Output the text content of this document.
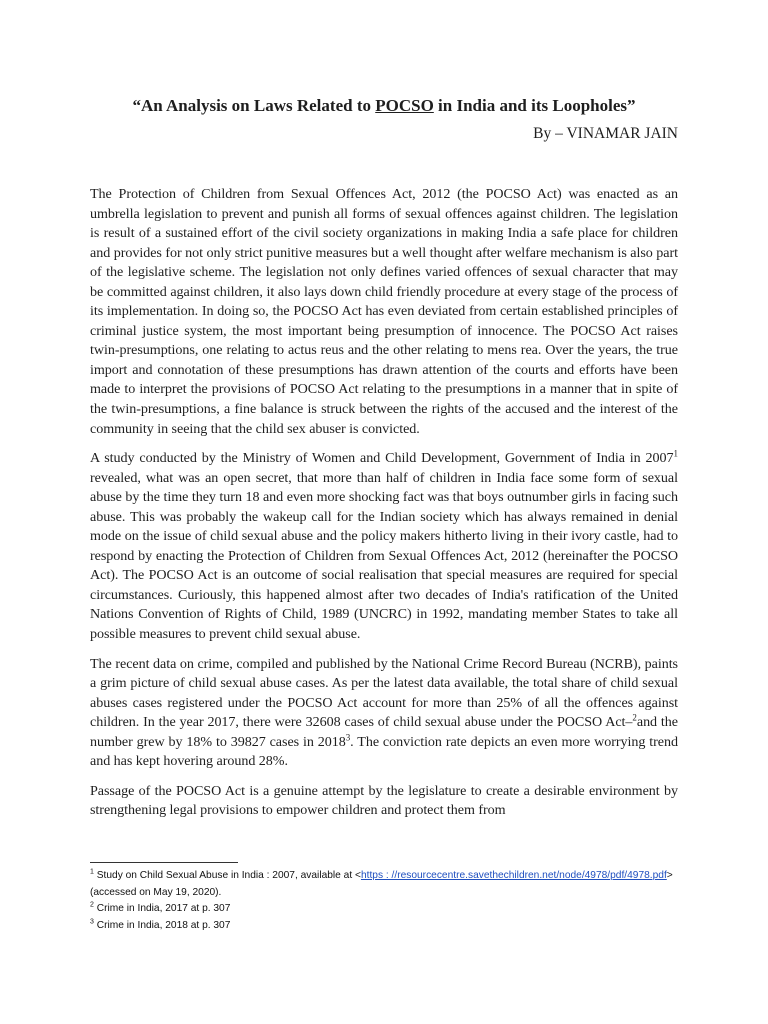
“An Analysis on Laws Related to POCSO in India and its Loopholes”
By – VINAMAR JAIN

The Protection of Children from Sexual Offences Act, 2012 (the POCSO Act) was enacted as an umbrella legislation to prevent and punish all forms of sexual offences against children. The legislation is result of a sustained effort of the civil society organizations in making India a safe place for children and provides for not only strict punitive measures but a well thought after welfare mechanism is also part of the legislative scheme. The legislation not only defines varied offences of sexual character that may be committed against children, it also lays down child friendly procedure at every stage of the process of its implementation. In doing so, the POCSO Act has even deviated from certain established principles of criminal justice system, the most important being presumption of innocence. The POCSO Act raises twin-presumptions, one relating to actus reus and the other relating to mens rea. Over the years, the true import and connotation of these presumptions has drawn attention of the courts and efforts have been made to interpret the provisions of POCSO Act relating to the presumptions in a manner that in spite of the twin-presumptions, a fine balance is struck between the rights of the accused and the interest of the community in seeing that the child sex abuser is convicted.

A study conducted by the Ministry of Women and Child Development, Government of India in 2007$^1$ revealed, what was an open secret, that more than half of children in India face some form of sexual abuse by the time they turn 18 and even more shocking fact was that boys outnumber girls in facing such abuse. This was probably the wakeup call for the Indian society which has always remained in denial mode on the issue of child sexual abuse and the policy makers hitherto living in their ivory castle, had to respond by enacting the Protection of Children from Sexual Offences Act, 2012 (hereinafter the POCSO Act). The POCSO Act is an outcome of social realisation that special measures are required for special circumstances. Curiously, this happened almost after two decades of India's ratification of the United Nations Convention of Rights of Child, 1989 (UNCRC) in 1992, mandating member States to take all possible measures to prevent child sexual abuse.

The recent data on crime, compiled and published by the National Crime Record Bureau (NCRB), paints a grim picture of child sexual abuse cases. As per the latest data available, the total share of child sexual abuses cases registered under the POCSO Act account for more than 25% of all the offences against children. In the year 2017, there were 32608 cases of child sexual abuse under the POCSO Act–$^2$and the number grew by 18% to 39827 cases in 2018$^3$. The conviction rate depicts an even more worrying trend and has kept hovering around 28%.

Passage of the POCSO Act is a genuine attempt by the legislature to create a desirable environment by strengthening legal provisions to empower children and protect them from

$^1$ Study on Child Sexual Abuse in India : 2007, available at <https : //resourcecentre.savethechildren.net/node/4978/pdf/4978.pdf> (accessed on May 19, 2020).

$^2$ Crime in India, 2017 at p. 307

$^3$ Crime in India, 2018 at p. 307
